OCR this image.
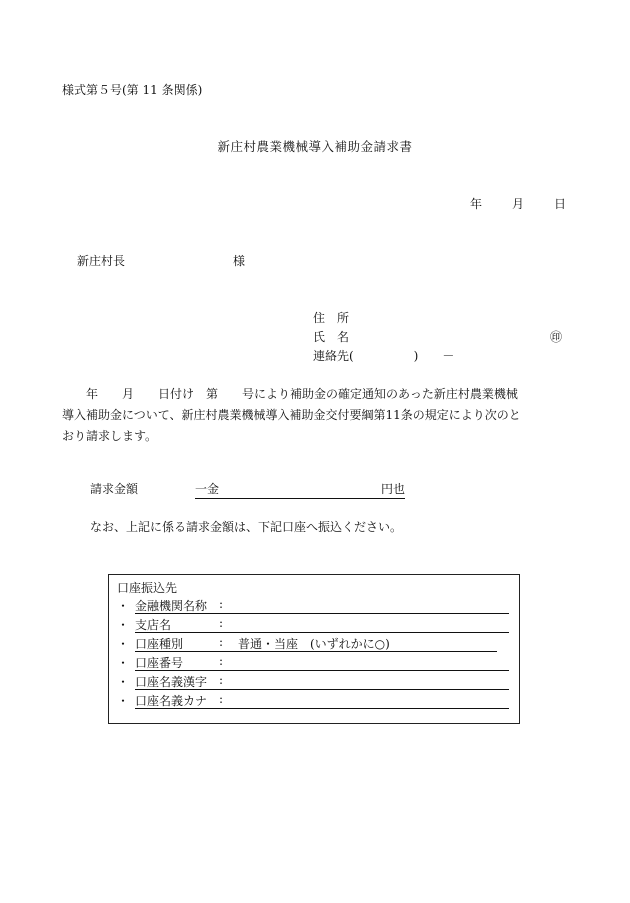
様式第５号(第 11 条関係)
新庄村農業機械導入補助金請求書
年	月	日
新庄村長	様
住　所
氏　名
連絡先(　　　　　)　　－
㊞

　　年　　月　　日付け　第　　号により補助金の確定通知のあった新庄村農業機械

導入補助金について、新庄村農業機械導入補助金交付要綱第11条の規定により次のと

おり請求します。

請求金額	一金	円也
なお、上記に係る請求金額は、下記口座へ振込ください。
口座振込先
・ 金融機関名称 :
・ 支店名	:
・ 口座種別	: 普通・当座　(いずれかに○)
・ 口座番号	:
・ 口座名義漢字 :
・ 口座名義カナ :
